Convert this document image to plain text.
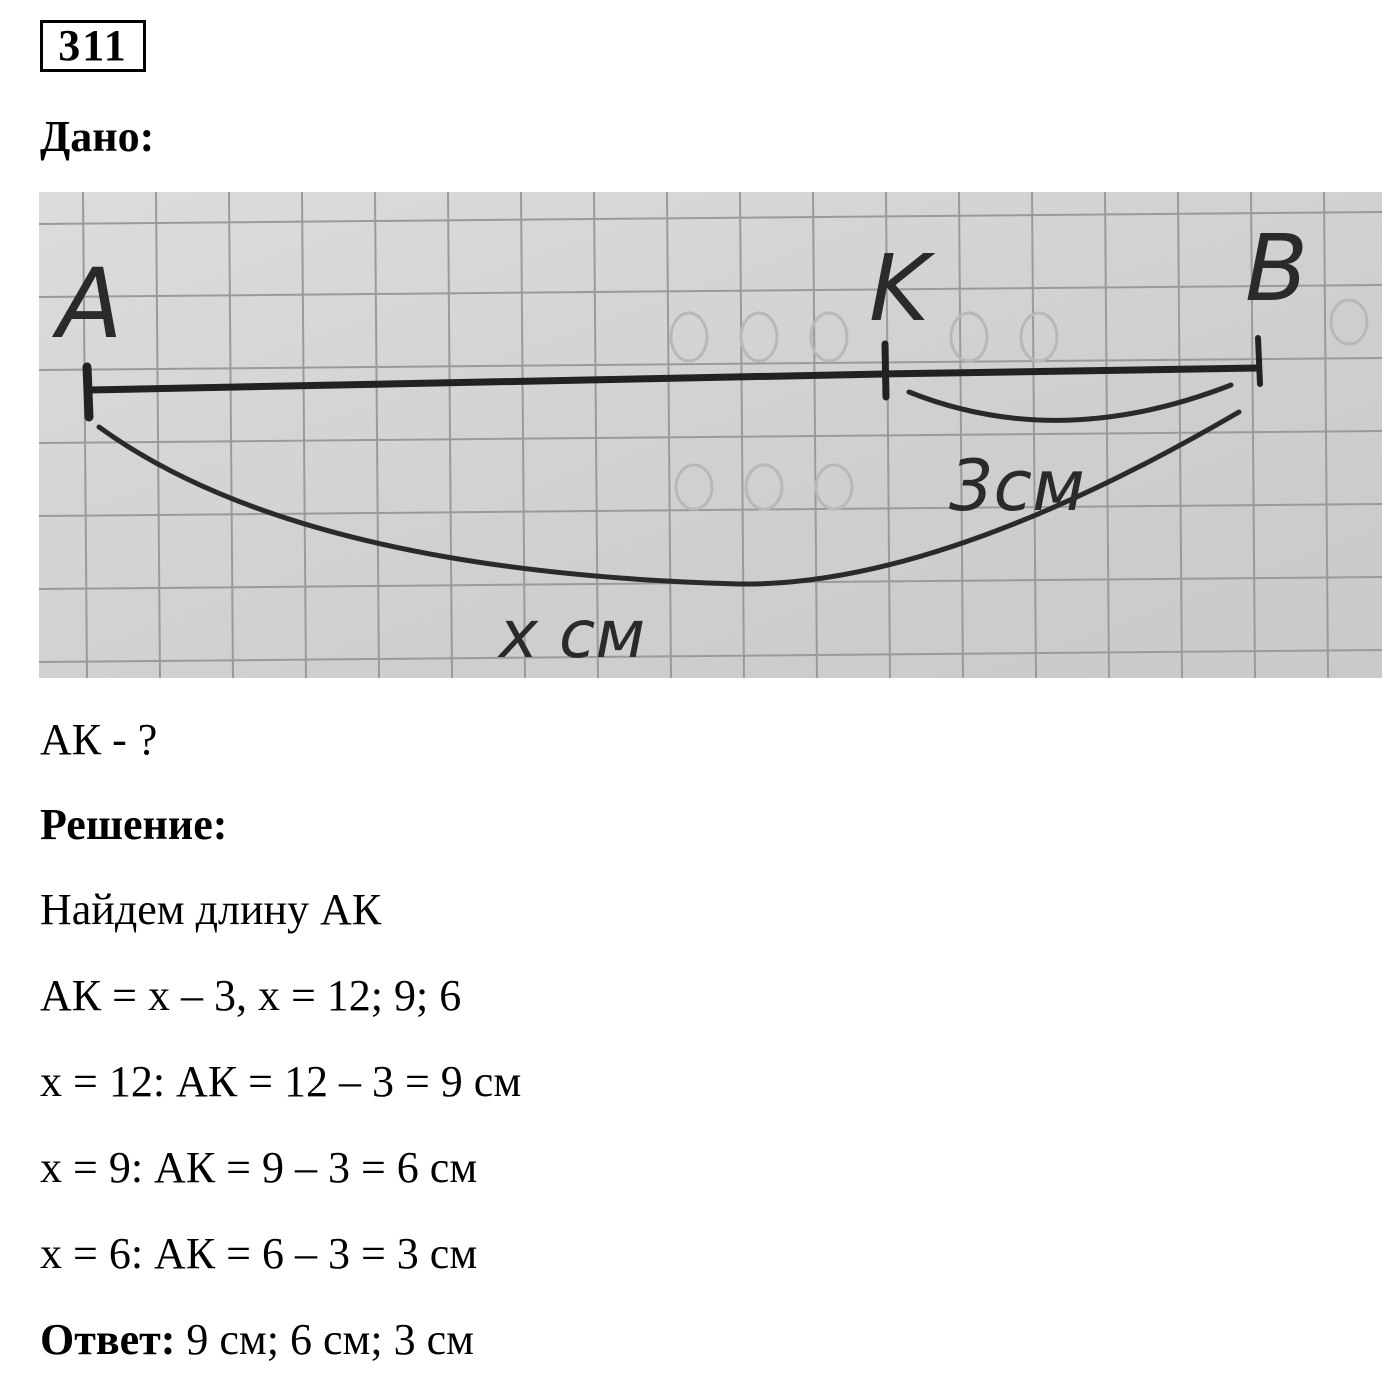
311
Дано:
A	K	B
3см
x см
АК - ?
Решение:
Найдем длину АК
АК = x – 3, x = 12; 9; 6
x = 12: АК = 12 – 3 = 9 см
x = 9: АК = 9 – 3 = 6 см
x = 6: АК = 6 – 3 = 3 см
Ответ: 9 см; 6 см; 3 см
